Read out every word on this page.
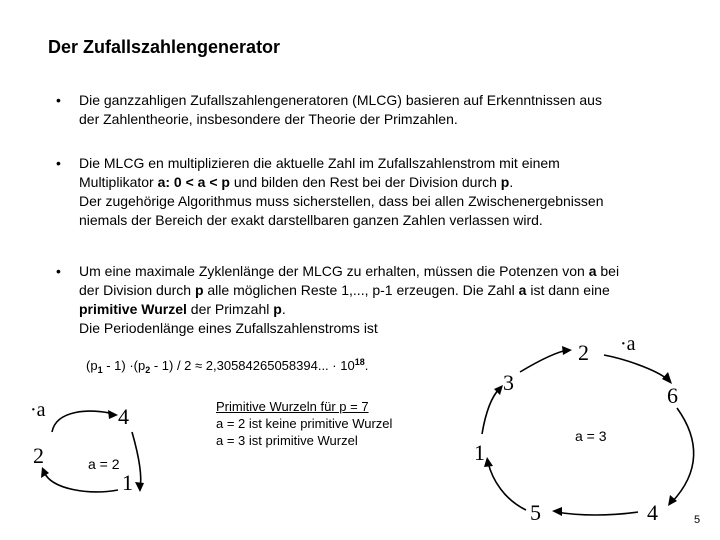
Der Zufallszahlengenerator
• Die ganzzahligen Zufallszahlengeneratoren (MLCG) basieren auf Erkenntnissen aus
der Zahlentheorie, insbesondere der Theorie der Primzahlen.

• Die MLCG en multiplizieren die aktuelle Zahl im Zufallszahlenstrom mit einem
Multiplikator a: 0 < a < p und bilden den Rest bei der Division durch p.
Der zugehörige Algorithmus muss sicherstellen, dass bei allen Zwischenergebnissen
niemals der Bereich der exakt darstellbaren ganzen Zahlen verlassen wird.

• Um eine maximale Zyklenlänge der MLCG zu erhalten, müssen die Potenzen von a bei
der Division durch p alle möglichen Reste 1,..., p-1 erzeugen. Die Zahl a ist dann eine
primitive Wurzel der Primzahl p.
Die Periodenlänge eines Zufallszahlenstroms ist

$(p_1 - 1) \cdot(p_2 - 1) / 2 \approx 2,30584265058394$... · $10^{18}$.
Primitive Wurzeln für p = 7
a = 2 ist keine primitive Wurzel
a = 3 ist primitive Wurzel
·a	4
2	a = 2
1
·a
2
3
6
a = 3
1
5	4	5
